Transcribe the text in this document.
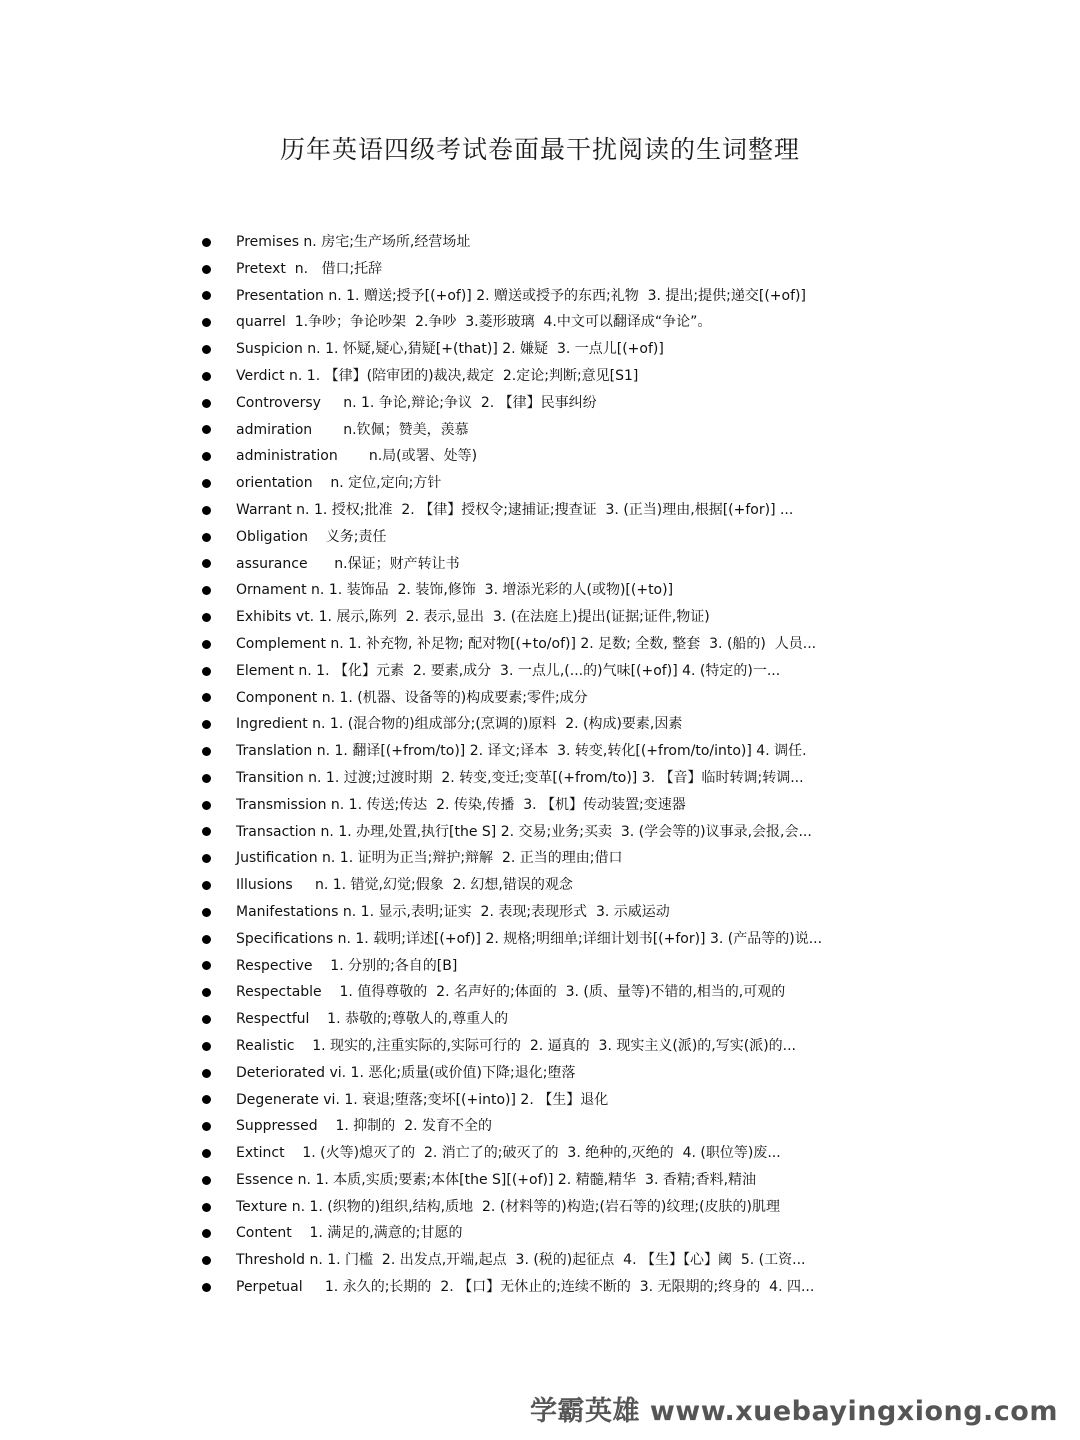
历年英语四级考试卷面最干扰阅读的生词整理
Premises n. 房宅;生产场所,经营场址
Pretext  n.   借口;托辞
Presentation n. 1. 赠送;授予[(+of)] 2. 赠送或授予的东西;礼物  3. 提出;提供;递交[(+of)]
quarrel  1.争吵；争论吵架  2.争吵  3.菱形玻璃  4.中文可以翻译成“争论”。
Suspicion n. 1. 怀疑,疑心,猜疑[+(that)] 2. 嫌疑  3. 一点儿[(+of)]
Verdict n. 1. 【律】(陪审团的)裁决,裁定  2.定论;判断;意见[S1]
Controversy     n. 1. 争论,辩论;争议  2. 【律】民事纠纷
admiration       n.钦佩；赞美，羡慕
administration       n.局(或署、处等)
orientation    n. 定位,定向;方针
Warrant n. 1. 授权;批准  2. 【律】授权令;逮捕证;搜查证  3. (正当)理由,根据[(+for)] ...
Obligation    义务;责任
assurance      n.保证；财产转让书
Ornament n. 1. 装饰品  2. 装饰,修饰  3. 增添光彩的人(或物)[(+to)]
Exhibits vt. 1. 展示,陈列  2. 表示,显出  3. (在法庭上)提出(证据;证件,物证)
Complement n. 1. 补充物, 补足物; 配对物[(+to/of)] 2. 足数; 全数, 整套  3. (船的)  人员...
Element n. 1. 【化】元素  2. 要素,成分  3. 一点儿,(...的)气味[(+of)] 4. (特定的)一...
Component n. 1. (机器、设备等的)构成要素;零件;成分
Ingredient n. 1. (混合物的)组成部分;(烹调的)原料  2. (构成)要素,因素
Translation n. 1. 翻译[(+from/to)] 2. 译文;译本  3. 转变,转化[(+from/to/into)] 4. 调任.
Transition n. 1. 过渡;过渡时期  2. 转变,变迁;变革[(+from/to)] 3. 【音】临时转调;转调...
Transmission n. 1. 传送;传达  2. 传染,传播  3. 【机】传动装置;变速器
Transaction n. 1. 办理,处置,执行[the S] 2. 交易;业务;买卖  3. (学会等的)议事录,会报,会...
Justification n. 1. 证明为正当;辩护;辩解  2. 正当的理由;借口
Illusions     n. 1. 错觉,幻觉;假象  2. 幻想,错误的观念
Manifestations n. 1. 显示,表明;证实  2. 表现;表现形式  3. 示威运动
Specifications n. 1. 载明;详述[(+of)] 2. 规格;明细单;详细计划书[(+for)] 3. (产品等的)说...
Respective    1. 分别的;各自的[B]
Respectable    1. 值得尊敬的  2. 名声好的;体面的  3. (质、量等)不错的,相当的,可观的
Respectful    1. 恭敬的;尊敬人的,尊重人的
Realistic    1. 现实的,注重实际的,实际可行的  2. 逼真的  3. 现实主义(派)的,写实(派)的...
Deteriorated vi. 1. 恶化;质量(或价值)下降;退化;堕落
Degenerate vi. 1. 衰退;堕落;变坏[(+into)] 2. 【生】退化
Suppressed    1. 抑制的  2. 发育不全的
Extinct    1. (火等)熄灭了的  2. 消亡了的;破灭了的  3. 绝种的,灭绝的  4. (职位等)废...
Essence n. 1. 本质,实质;要素;本体[the S][(+of)] 2. 精髓,精华  3. 香精;香料,精油
Texture n. 1. (织物的)组织,结构,质地  2. (材料等的)构造;(岩石等的)纹理;(皮肤的)肌理
Content    1. 满足的,满意的;甘愿的
Threshold n. 1. 门槛  2. 出发点,开端,起点  3. (税的)起征点  4. 【生】【心】阈  5. (工资...
Perpetual     1. 永久的;长期的  2. 【口】无休止的;连续不断的  3. 无限期的;终身的  4. 四...
学霸英雄 www.xuebayingxiong.com
